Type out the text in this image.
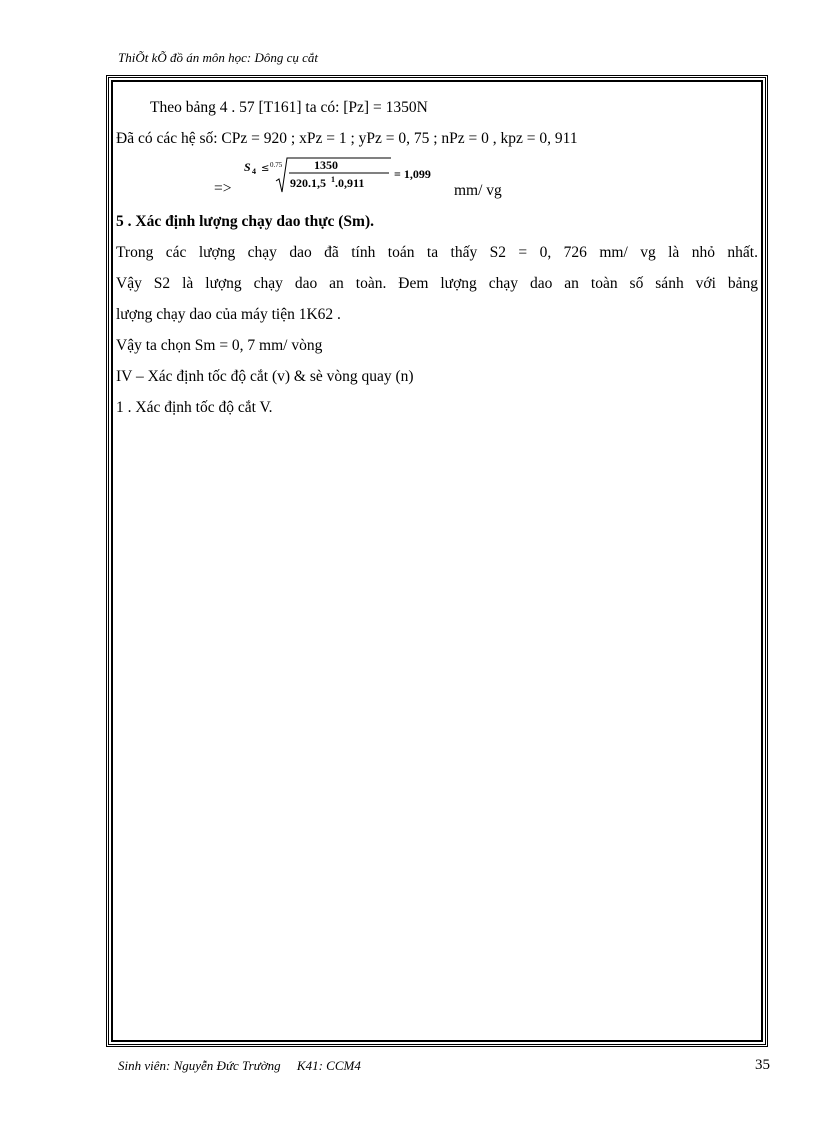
ThiÕt kÕ đồ án môn học: Dông cụ cắt
Theo bảng 4 . 57 [T161] ta có: [Pz] = 1350N
Đã có các hệ số: CPz = 920 ; xPz = 1 ; yPz = 0, 75 ; nPz = 0 , kpz = 0, 911
=>
S 4 ≤ 0.75	1350
920.1,5 1 .0,911
= 1,099
mm/ vg
5 . Xác định lượng chạy dao thực (Sm).
Trong các lượng chạy dao đã tính toán ta thấy S2 = 0, 726 mm/ vg là nhỏ nhất.
Vậy S2 là lượng chạy dao an toàn. Đem lượng chạy dao an toàn số sánh với bảng
lượng chạy dao của máy tiện 1K62 .
Vậy ta chọn Sm = 0, 7 mm/ vòng
IV – Xác định tốc độ cắt (v) & sè vòng quay (n)
1 . Xác định tốc độ cắt V.
Sinh viên: Nguyễn Đức Trường     K41: CCM4	35
